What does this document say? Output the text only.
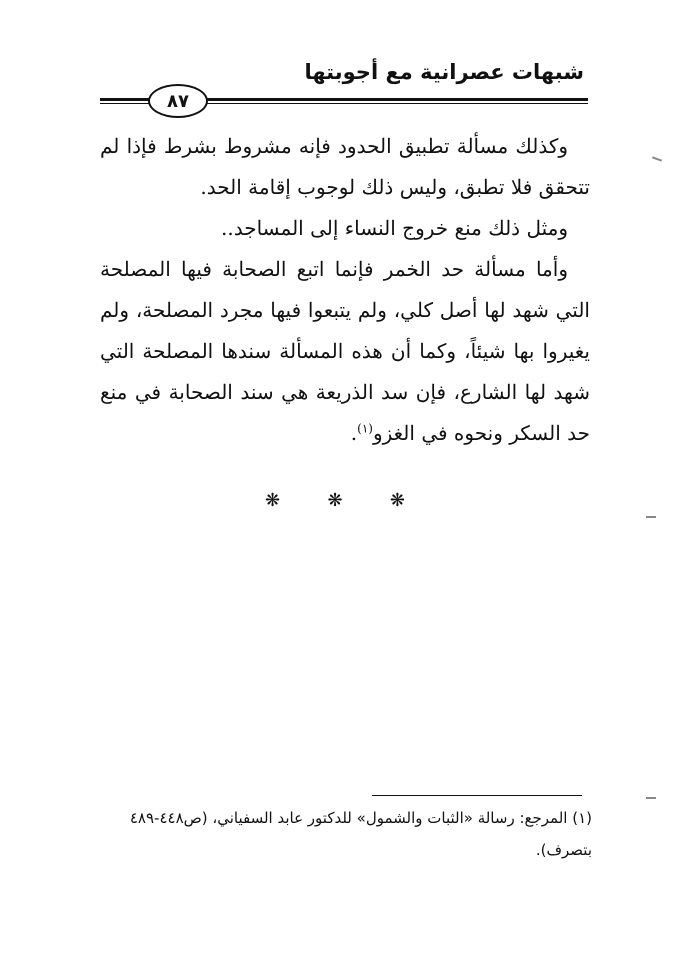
شبهات عصرانية مع أجوبتها
٨٧

وكذلك مسألة تطبيق الحدود فإنه مشروط بشرط فإذا لم تتحقق فلا تطبق، وليس ذلك لوجوب إقامة الحد.

ومثل ذلك منع خروج النساء إلى المساجد..

وأما مسألة حد الخمر فإنما اتبع الصحابة فيها المصلحة التي شهد لها أصل كلي، ولم يتبعوا فيها مجرد المصلحة، ولم يغيروا بها شيئاً، وكما أن هذه المسألة سندها المصلحة التي شهد لها الشارع، فإن سد الذريعة هي سند الصحابة في منع حد السكر ونحوه في الغزو$^{(١)}$.

❋	❋	❋

(١) المرجع: رسالة «الثبات والشمول» للدكتور عابد السفياني، (ص٤٤٨-٤٨٩

بتصرف).
